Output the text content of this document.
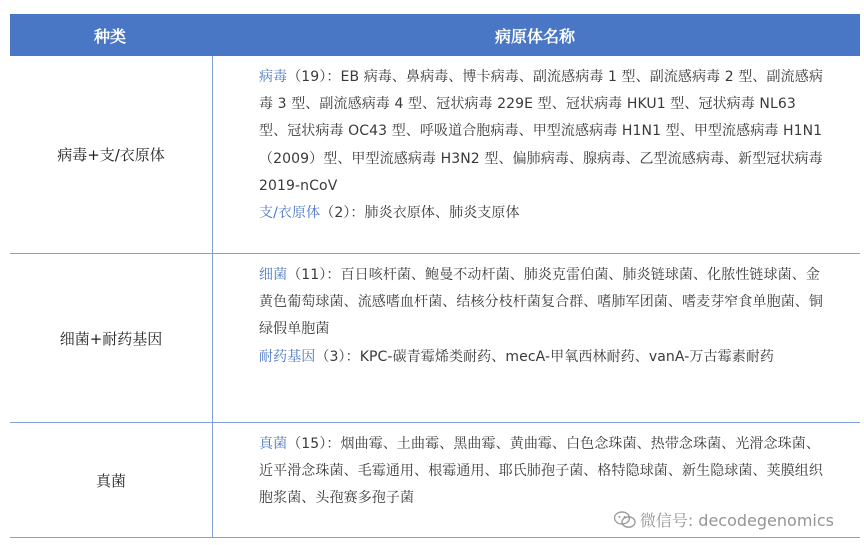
种类	病原体名称
病毒+支/衣原体

病毒（19）：EB 病毒、鼻病毒、博卡病毒、副流感病毒 1 型、副流感病毒 2 型、副流感病毒 3 型、副流感病毒 4 型、冠状病毒 229E 型、冠状病毒 HKU1 型、冠状病毒 NL63 型、冠状病毒 OC43 型、呼吸道合胞病毒、甲型流感病毒 H1N1 型、甲型流感病毒 H1N1（2009）型、甲型流感病毒 H3N2 型、偏肺病毒、腺病毒、乙型流感病毒、新型冠状病毒 2019-nCoV

支/衣原体（2）：肺炎衣原体、肺炎支原体

细菌+耐药基因

细菌（11）：百日咳杆菌、鲍曼不动杆菌、肺炎克雷伯菌、肺炎链球菌、化脓性链球菌、金黄色葡萄球菌、流感嗜血杆菌、结核分枝杆菌复合群、嗜肺军团菌、嗜麦芽窄食单胞菌、铜绿假单胞菌

耐药基因（3）：KPC-碳青霉烯类耐药、mecA-甲氧西林耐药、vanA-万古霉素耐药

真菌

真菌（15）：烟曲霉、土曲霉、黑曲霉、黄曲霉、白色念珠菌、热带念珠菌、光滑念珠菌、近平滑念珠菌、毛霉通用、根霉通用、耶氏肺孢子菌、格特隐球菌、新生隐球菌、荚膜组织胞浆菌、头孢赛多孢子菌

微信号: decodegenomics
